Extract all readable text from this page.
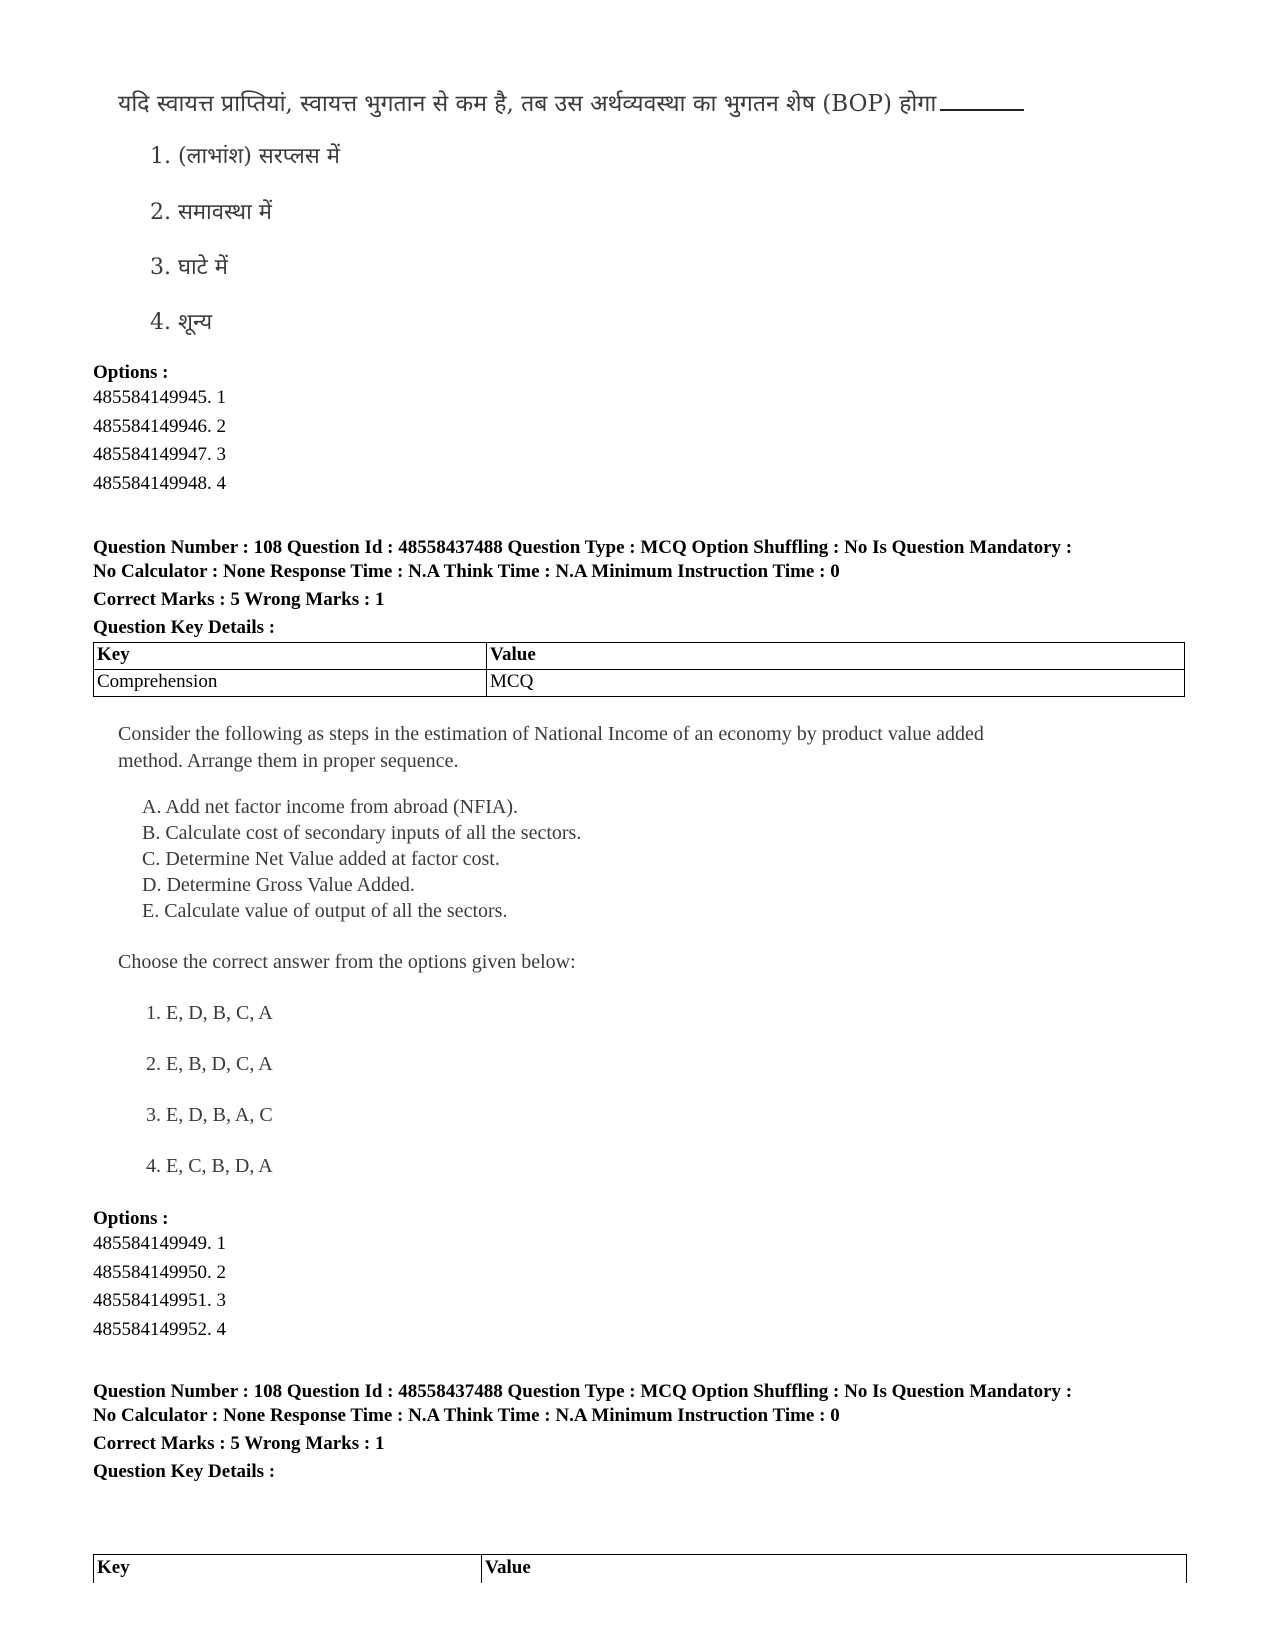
यदि स्वायत्त प्राप्तियां, स्वायत्त भुगतान से कम है, तब उस अर्थव्यवस्था का भुगतन शेष (BOP) होगा
1. (लाभांश) सरप्लस में
2. समावस्था में
3. घाटे में
4. शून्य
Options :
485584149945. 1
485584149946. 2
485584149947. 3
485584149948. 4
Question Number : 108 Question Id : 48558437488 Question Type : MCQ Option Shuffling : No Is Question Mandatory :
No Calculator : None Response Time : N.A Think Time : N.A Minimum Instruction Time : 0
Correct Marks : 5 Wrong Marks : 1
Question Key Details :
Key	Value
Comprehension	MCQ
Consider the following as steps in the estimation of National Income of an economy by product value added
method. Arrange them in proper sequence.
A. Add net factor income from abroad (NFIA).
B. Calculate cost of secondary inputs of all the sectors.
C. Determine Net Value added at factor cost.
D. Determine Gross Value Added.
E. Calculate value of output of all the sectors.
Choose the correct answer from the options given below:
1. E, D, B, C, A
2. E, B, D, C, A
3. E, D, B, A, C
4. E, C, B, D, A
Options :
485584149949. 1
485584149950. 2
485584149951. 3
485584149952. 4
Question Number : 108 Question Id : 48558437488 Question Type : MCQ Option Shuffling : No Is Question Mandatory :
No Calculator : None Response Time : N.A Think Time : N.A Minimum Instruction Time : 0
Correct Marks : 5 Wrong Marks : 1
Question Key Details :
Key	Value
